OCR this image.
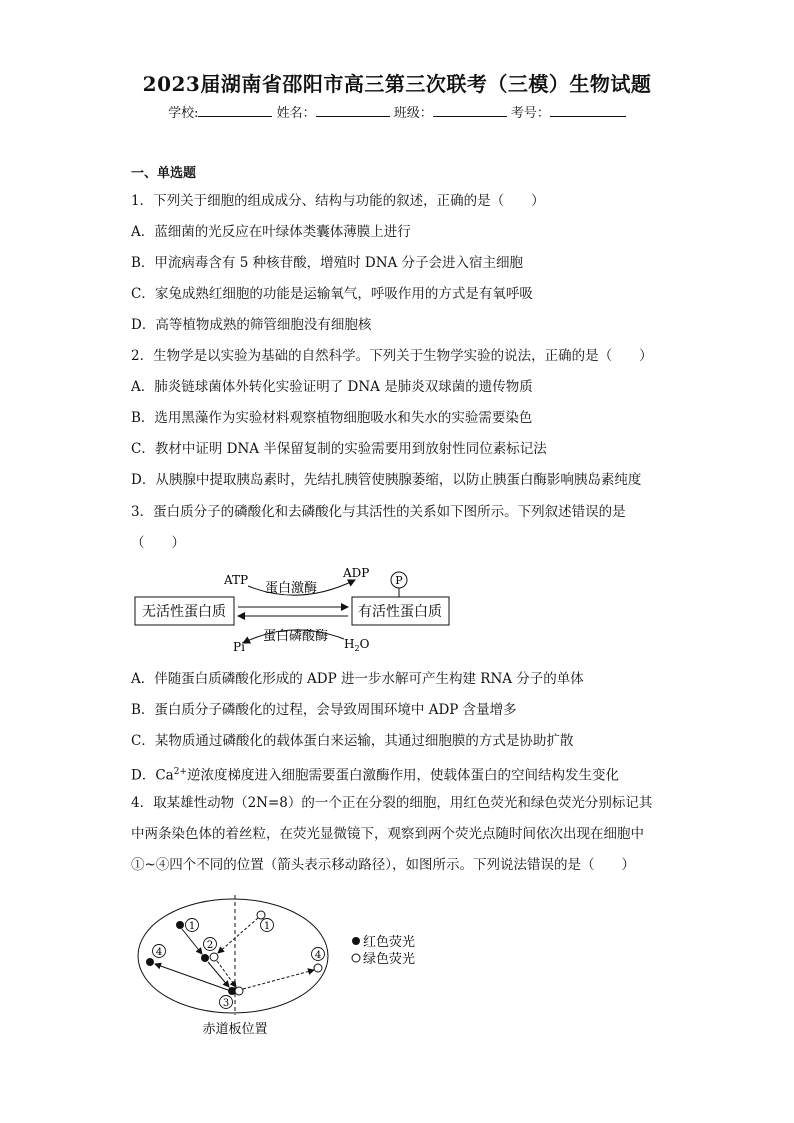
2023届湖南省邵阳市高三第三次联考（三模）生物试题
学校:	姓名：	班级：	考号：
一、单选题
1．下列关于细胞的组成成分、结构与功能的叙述，正确的是（　　）
A．蓝细菌的光反应在叶绿体类囊体薄膜上进行
B．甲流病毒含有 5 种核苷酸，增殖时 DNA 分子会进入宿主细胞
C．家兔成熟红细胞的功能是运输氧气，呼吸作用的方式是有氧呼吸
D．高等植物成熟的筛管细胞没有细胞核
2．生物学是以实验为基础的自然科学。下列关于生物学实验的说法，正确的是（　　）
A．肺炎链球菌体外转化实验证明了 DNA 是肺炎双球菌的遗传物质
B．选用黑藻作为实验材料观察植物细胞吸水和失水的实验需要染色
C．教材中证明 DNA 半保留复制的实验需要用到放射性同位素标记法
D．从胰腺中提取胰岛素时，先结扎胰管使胰腺萎缩，以防止胰蛋白酶影响胰岛素纯度
3．蛋白质分子的磷酸化和去磷酸化与其活性的关系如下图所示。下列叙述错误的是
（　　）
无活性蛋白质	有活性蛋白质
P
ATP	ADP
蛋白激酶
Pi
蛋白磷酸酶 $H_2O$
A．伴随蛋白质磷酸化形成的 ADP 进一步水解可产生构建 RNA 分子的单体
B．蛋白质分子磷酸化的过程，会导致周围环境中 ADP 含量增多
C．某物质通过磷酸化的载体蛋白来运输，其通过细胞膜的方式是协助扩散
D．$Ca^{2+}$逆浓度梯度进入细胞需要蛋白激酶作用，使载体蛋白的空间结构发生变化
4．取某雄性动物（2N=8）的一个正在分裂的细胞，用红色荧光和绿色荧光分别标记其
中两条染色体的着丝粒，在荧光显微镜下，观察到两个荧光点随时间依次出现在细胞中
①~④四个不同的位置（箭头表示移动路径），如图所示。下列说法错误的是（　　）
赤道板位置
1	1
2
3
4	4
红色荧光
绿色荧光
